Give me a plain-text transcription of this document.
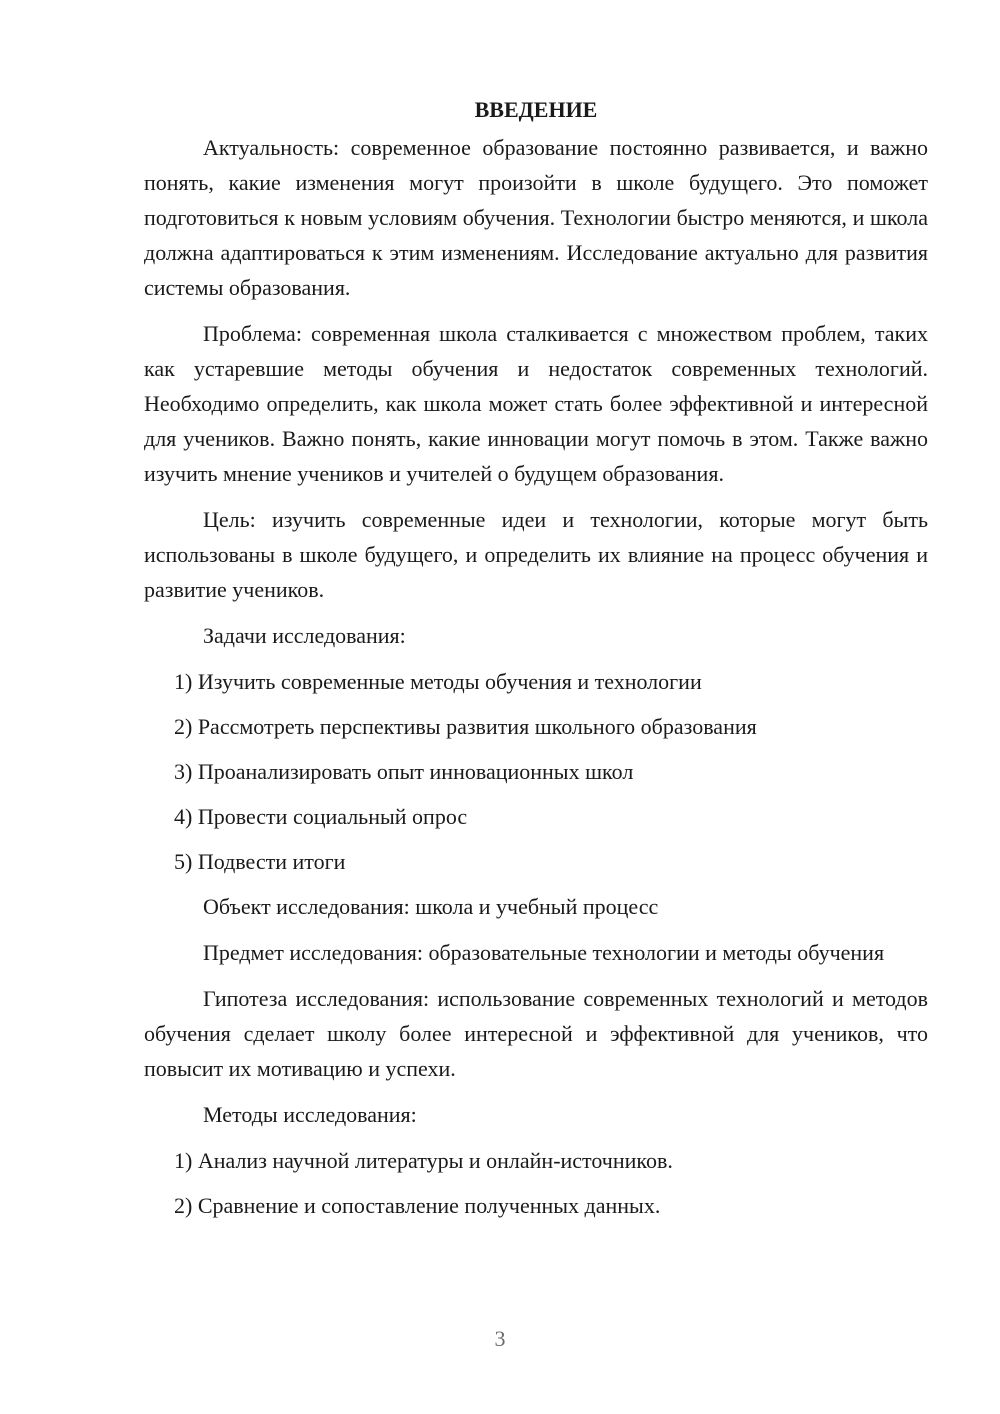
ВВЕДЕНИЕ

Актуальность: современное образование постоянно развивается, и важно понять, какие изменения могут произойти в школе будущего. Это поможет подготовиться к новым условиям обучения. Технологии быстро меняются, и школа должна адаптироваться к этим изменениям. Исследование актуально для развития системы образования.

Проблема: современная школа сталкивается с множеством проблем, таких как устаревшие методы обучения и недостаток современных технологий. Необходимо определить, как школа может стать более эффективной и интересной для учеников. Важно понять, какие инновации могут помочь в этом. Также важно изучить мнение учеников и учителей о будущем образования.

Цель: изучить современные идеи и технологии, которые могут быть использованы в школе будущего, и определить их влияние на процесс обучения и развитие учеников.

Задачи исследования:

1) Изучить современные методы обучения и технологии
2) Рассмотреть перспективы развития школьного образования
3) Проанализировать опыт инновационных школ
4) Провести социальный опрос
5) Подвести итоги

Объект исследования: школа и учебный процесс

Предмет исследования: образовательные технологии и методы обучения

Гипотеза исследования: использование современных технологий и методов обучения сделает школу более интересной и эффективной для учеников, что повысит их мотивацию и успехи.

Методы исследования:

1) Анализ научной литературы и онлайн-источников.
2) Сравнение и сопоставление полученных данных.
3
